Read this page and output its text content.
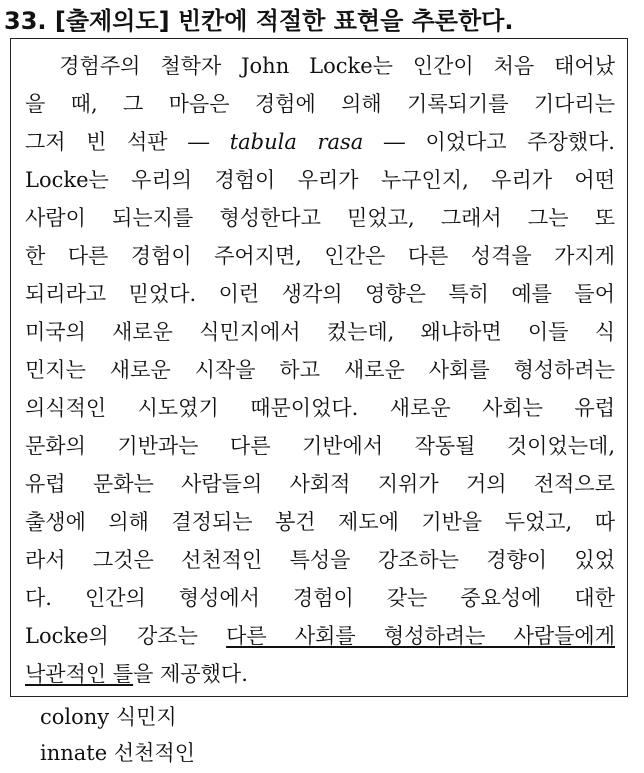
33. [출제의도] 빈칸에 적절한 표현을 추론한다.
　경험주의 철학자 John Locke는 인간이 처음 태어났
을 때, 그 마음은 경험에 의해 기록되기를 기다리는
그저 빈 석판 ― tabula rasa ― 이었다고 주장했다.
Locke는 우리의 경험이 우리가 누구인지, 우리가 어떤
사람이 되는지를 형성한다고 믿었고, 그래서 그는 또
한 다른 경험이 주어지면, 인간은 다른 성격을 가지게
되리라고 믿었다. 이런 생각의 영향은 특히 예를 들어
미국의 새로운 식민지에서 컸는데, 왜냐하면 이들 식
민지는 새로운 시작을 하고 새로운 사회를 형성하려는
의식적인 시도였기 때문이었다. 새로운 사회는 유럽
문화의 기반과는 다른 기반에서 작동될 것이었는데,
유럽 문화는 사람들의 사회적 지위가 거의 전적으로
출생에 의해 결정되는 봉건 제도에 기반을 두었고, 따
라서 그것은 선천적인 특성을 강조하는 경향이 있었
다. 인간의 형성에서 경험이 갖는 중요성에 대한
Locke의 강조는 다른 사회를 형성하려는 사람들에게
낙관적인 틀을 제공했다.
colony 식민지
innate 선천적인
